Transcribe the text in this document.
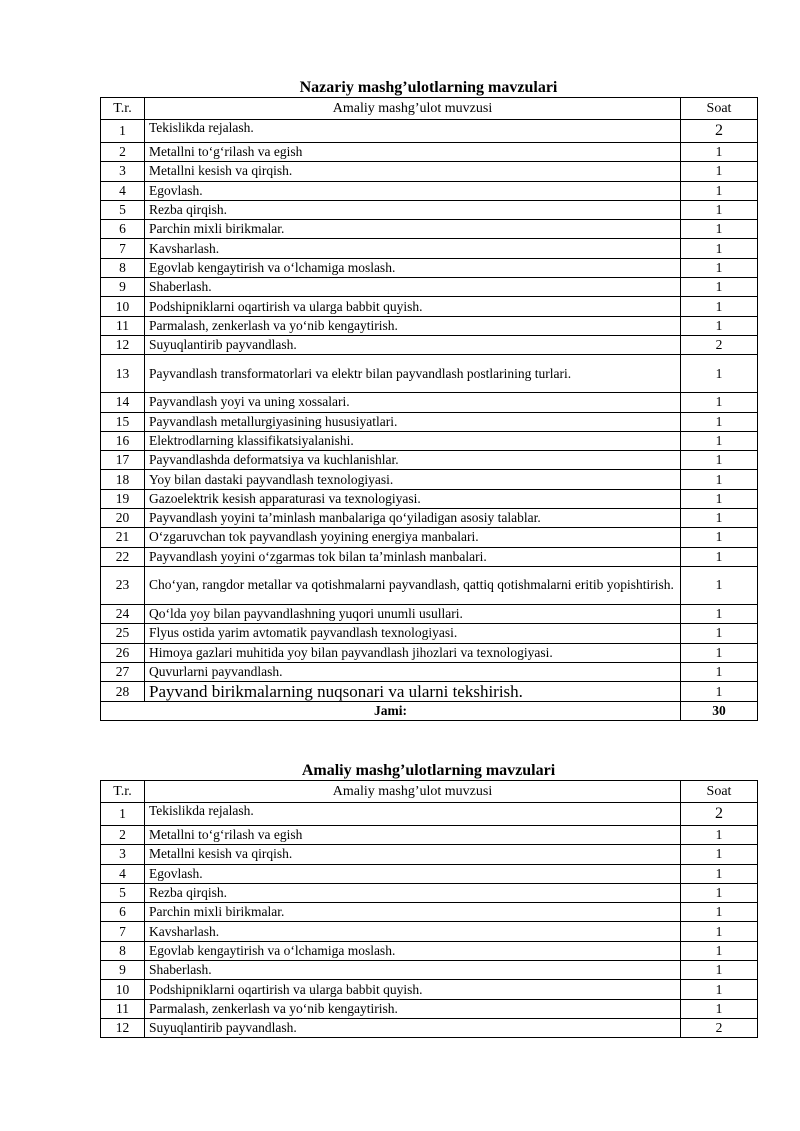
Nazariy mashg’ulotlarning mavzulari
T.r.	Amaliy mashg’ulot muvzusi	Soat
1	Tekislikda rejalash.	2
2	Metallni to‘g‘rilash va egish	1
3	Metallni kesish va qirqish.	1
4	Egovlash.	1
5	Rezba qirqish.	1
6	Parchin mixli birikmalar.	1
7	Kavsharlash.	1
8	Egovlab kengaytirish va o‘lchamiga moslash.	1
9	Shaberlash.	1
10	Podshipniklarni oqartirish va ularga babbit quyish.	1
11	Parmalash, zenkerlash va yo‘nib kengaytirish.	1
12	Suyuqlantirib payvandlash.	2
13	Payvandlash transformatorlari va elektr bilan payvandlash postlarining turlari.	1
14	Payvandlash yoyi va uning xossalari.	1
15	Payvandlash metallurgiyasining hususiyatlari.	1
16	Elektrodlarning klassifikatsiyalanishi.	1
17	Payvandlashda deformatsiya va kuchlanishlar.	1
18	Yoy bilan dastaki payvandlash texnologiyasi.	1
19	Gazoelektrik kesish apparaturasi va texnologiyasi.	1
20	Payvandlash yoyini ta’minlash manbalariga qo‘yiladigan asosiy talablar.	1
21	O‘zgaruvchan tok payvandlash yoyining energiya manbalari.	1
22	Payvandlash yoyini o‘zgarmas tok bilan ta’minlash manbalari.	1
23	Cho‘yan, rangdor metallar va qotishmalarni payvandlash, qattiq qotishmalarni eritib yopishtirish.	1
24	Qo‘lda yoy bilan payvandlashning yuqori unumli usullari.	1
25	Flyus ostida yarim avtomatik payvandlash texnologiyasi.	1
26	Himoya gazlari muhitida yoy bilan payvandlash jihozlari va texnologiyasi.	1
27	Quvurlarni payvandlash.	1
28	Payvand birikmalarning nuqsonari va ularni tekshirish.	1
Jami:		30
Amaliy mashg’ulotlarning mavzulari
T.r.	Amaliy mashg’ulot muvzusi	Soat
1	Tekislikda rejalash.	2
2	Metallni to‘g‘rilash va egish	1
3	Metallni kesish va qirqish.	1
4	Egovlash.	1
5	Rezba qirqish.	1
6	Parchin mixli birikmalar.	1
7	Kavsharlash.	1
8	Egovlab kengaytirish va o‘lchamiga moslash.	1
9	Shaberlash.	1
10	Podshipniklarni oqartirish va ularga babbit quyish.	1
11	Parmalash, zenkerlash va yo‘nib kengaytirish.	1
12	Suyuqlantirib payvandlash.	2
